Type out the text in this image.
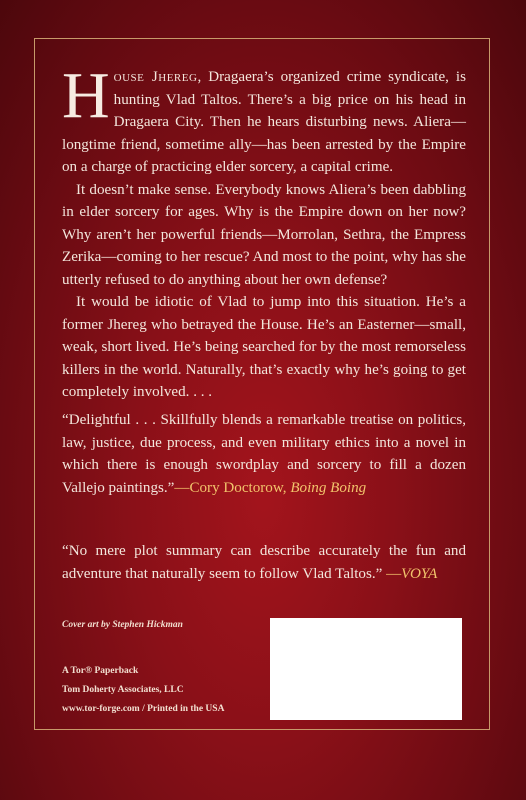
House Jhereg, Dragaera’s organized crime syndicate, is hunting Vlad Taltos. There’s a big price on his head in Dragaera City. Then he hears disturbing news. Aliera—longtime friend, sometime ally—has been arrested by the Empire on a charge of practicing elder sorcery, a capital crime.

It doesn’t make sense. Everybody knows Aliera’s been dabbling in elder sorcery for ages. Why is the Empire down on her now? Why aren’t her powerful friends—Morrolan, Sethra, the Empress Zerika—coming to her rescue? And most to the point, why has she utterly refused to do anything about her own defense?

It would be idiotic of Vlad to jump into this situation. He’s a former Jhereg who betrayed the House. He’s an Easterner—small, weak, short lived. He’s being searched for by the most remorseless killers in the world. Naturally, that’s exactly why he’s going to get completely involved. . . .

“Delightful . . . Skillfully blends a remarkable treatise on politics, law, justice, due process, and even military ethics into a novel in which there is enough swordplay and sorcery to fill a dozen Vallejo paintings.”—Cory Doctorow, Boing Boing

“No mere plot summary can describe accurately the fun and adventure that naturally seem to follow Vlad Taltos.” —VOYA

Cover art by Stephen Hickman
A Tor® Paperback
Tom Doherty Associates, LLC
www.tor-forge.com / Printed in the USA
